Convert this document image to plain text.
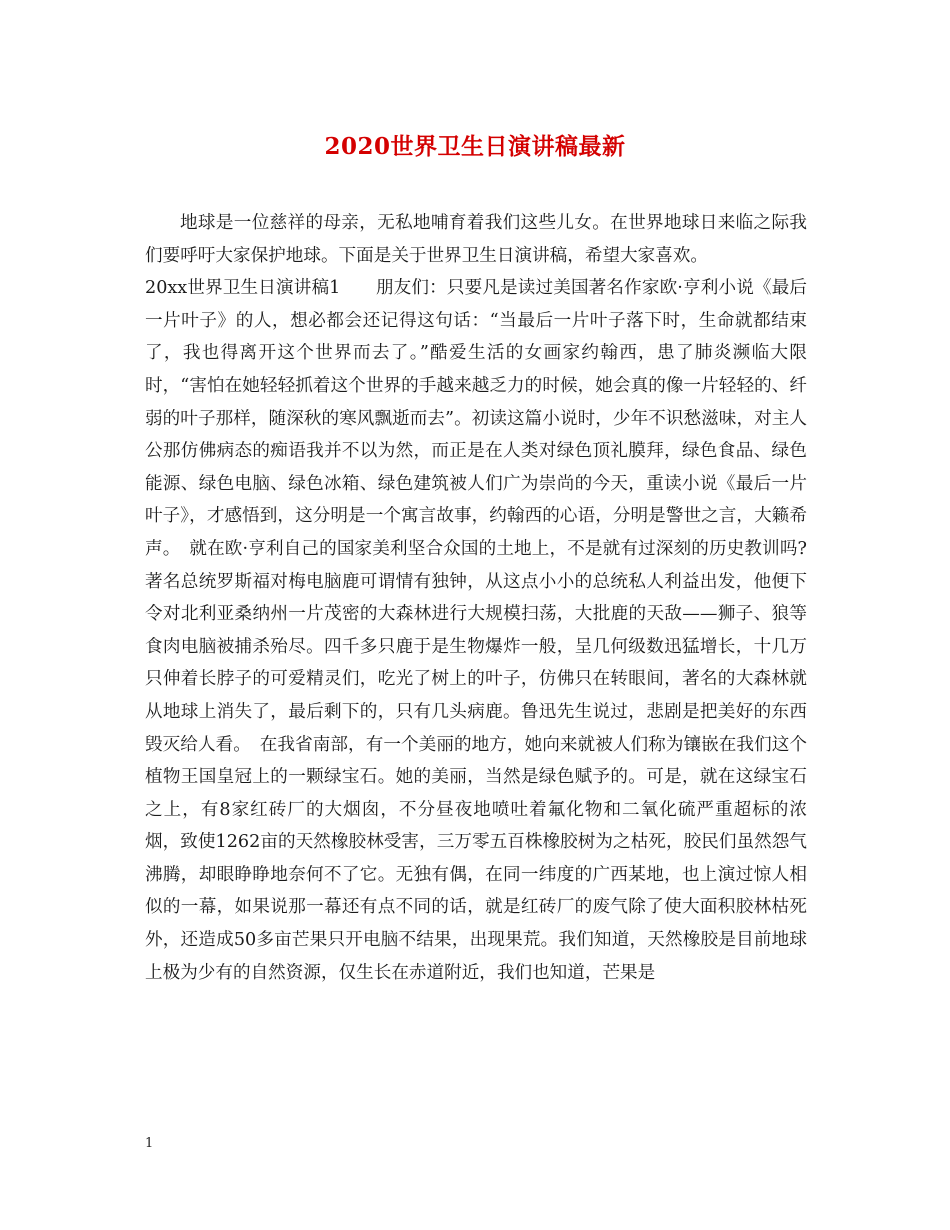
2020世界卫生日演讲稿最新

地球是一位慈祥的母亲，无私地哺育着我们这些儿女。在世界地球日来临之际我们要呼吁大家保护地球。下面是关于世界卫生日演讲稿，希望大家喜欢。

20xx世界卫生日演讲稿1　　朋友们：只要凡是读过美国著名作家欧·亨利小说《最后一片叶子》的人，想必都会还记得这句话：“当最后一片叶子落下时，生命就都结束了，我也得离开这个世界而去了。”酷爱生活的女画家约翰西，患了肺炎濒临大限时，“害怕在她轻轻抓着这个世界的手越来越乏力的时候，她会真的像一片轻轻的、纤弱的叶子那样，随深秋的寒风飘逝而去”。初读这篇小说时，少年不识愁滋味，对主人公那仿佛病态的痴语我并不以为然，而正是在人类对绿色顶礼膜拜，绿色食品、绿色能源、绿色电脑、绿色冰箱、绿色建筑被人们广为崇尚的今天，重读小说《最后一片叶子》，才感悟到，这分明是一个寓言故事，约翰西的心语，分明是警世之言，大籁希声。　就在欧·亨利自己的国家美利坚合众国的土地上，不是就有过深刻的历史教训吗?著名总统罗斯福对梅电脑鹿可谓情有独钟，从这点小小的总统私人利益出发，他便下令对北利亚桑纳州一片茂密的大森林进行大规模扫荡，大批鹿的天敌——狮子、狼等食肉电脑被捕杀殆尽。四千多只鹿于是生物爆炸一般，呈几何级数迅猛增长，十几万只伸着长脖子的可爱精灵们，吃光了树上的叶子，仿佛只在转眼间，著名的大森林就从地球上消失了，最后剩下的，只有几头病鹿。鲁迅先生说过，悲剧是把美好的东西毁灭给人看。　在我省南部，有一个美丽的地方，她向来就被人们称为镶嵌在我们这个植物王国皇冠上的一颗绿宝石。她的美丽，当然是绿色赋予的。可是，就在这绿宝石之上，有8家红砖厂的大烟囱，不分昼夜地喷吐着氟化物和二氧化硫严重超标的浓烟，致使1262亩的天然橡胶林受害，三万零五百株橡胶树为之枯死，胶民们虽然怨气沸腾，却眼睁睁地奈何不了它。无独有偶，在同一纬度的广西某地，也上演过惊人相似的一幕，如果说那一幕还有点不同的话，就是红砖厂的废气除了使大面积胶林枯死外，还造成50多亩芒果只开电脑不结果，出现果荒。我们知道，天然橡胶是目前地球上极为少有的自然资源，仅生长在赤道附近，我们也知道，芒果是

1
